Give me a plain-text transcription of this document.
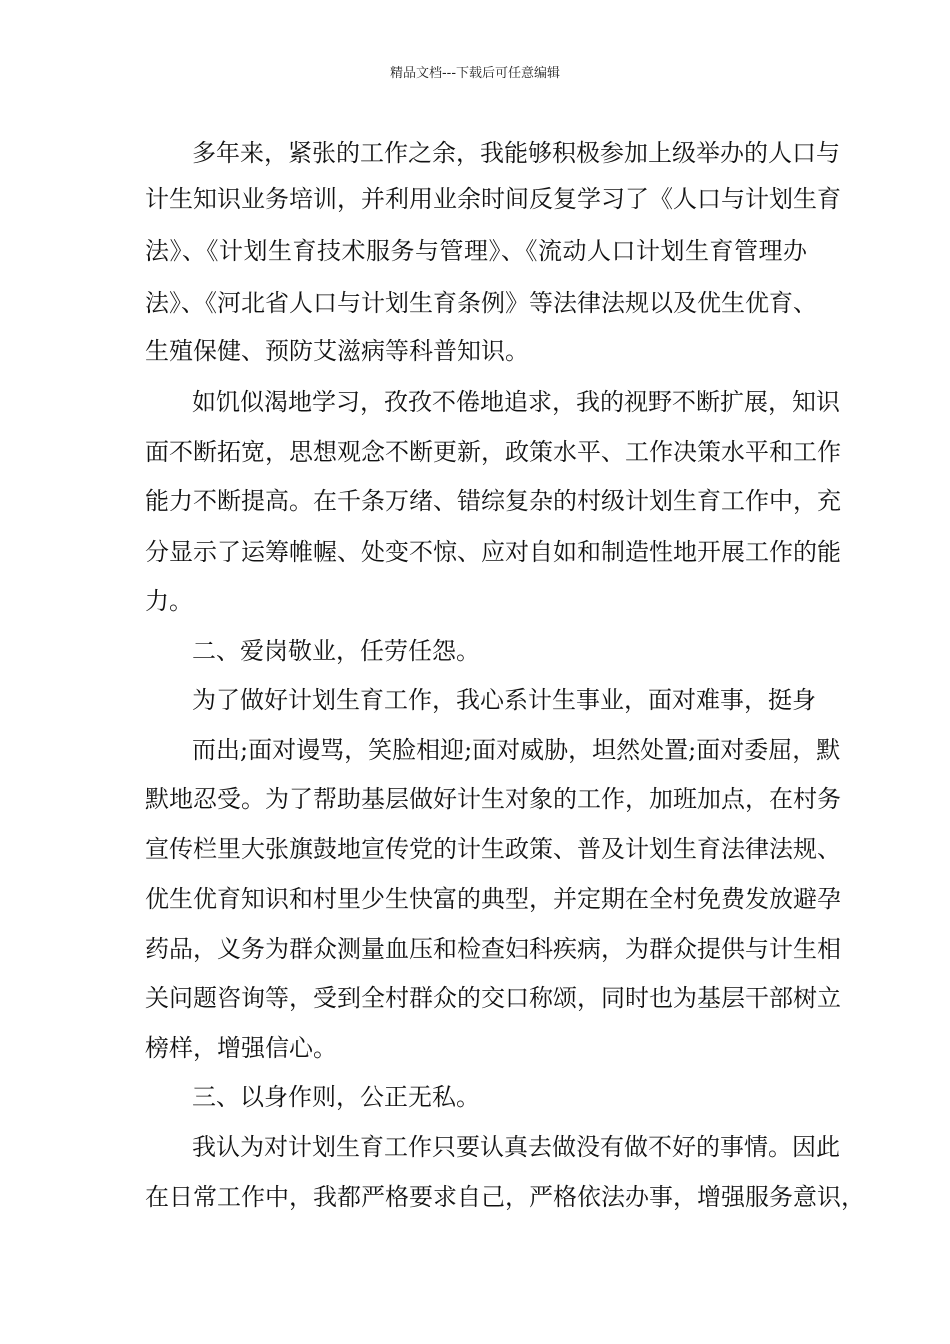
精品文档---下载后可任意编辑
多年来，紧张的工作之余，我能够积极参加上级举办的人口与
计生知识业务培训，并利用业余时间反复学习了《人口与计划生育
法》、《计划生育技术服务与管理》、《流动人口计划生育管理办
法》、《河北省人口与计划生育条例》等法律法规以及优生优育、
生殖保健、预防艾滋病等科普知识。
如饥似渴地学习，孜孜不倦地追求，我的视野不断扩展，知识
面不断拓宽，思想观念不断更新，政策水平、工作决策水平和工作
能力不断提高。在千条万绪、错综复杂的村级计划生育工作中，充
分显示了运筹帷幄、处变不惊、应对自如和制造性地开展工作的能
力。
二、爱岗敬业，任劳任怨。
为了做好计划生育工作，我心系计生事业，面对难事，挺身
而出;面对谩骂，笑脸相迎;面对威胁，坦然处置;面对委屈，默
默地忍受。为了帮助基层做好计生对象的工作，加班加点，在村务
宣传栏里大张旗鼓地宣传党的计生政策、普及计划生育法律法规、
优生优育知识和村里少生快富的典型，并定期在全村免费发放避孕
药品，义务为群众测量血压和检查妇科疾病，为群众提供与计生相
关问题咨询等，受到全村群众的交口称颂，同时也为基层干部树立
榜样，增强信心。
三、以身作则，公正无私。
我认为对计划生育工作只要认真去做没有做不好的事情。因此
在日常工作中，我都严格要求自己，严格依法办事，增强服务意识，
